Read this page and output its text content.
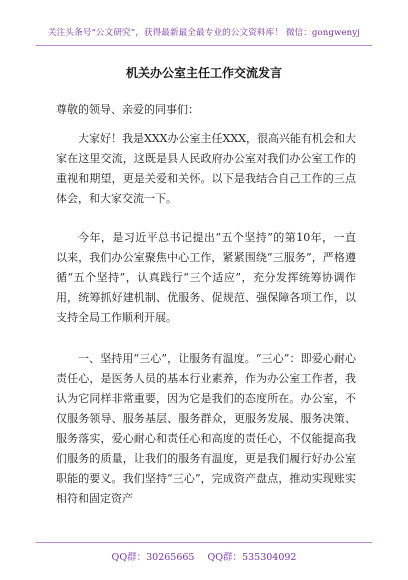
关注头条号“公文研究”，获得最新最全最专业的公文资料库！ 微信：gongwenyj
机关办公室主任工作交流发言
尊敬的领导、亲爱的同事们：

大家好！我是XXX办公室主任XXX，很高兴能有机会和大家在这里交流，这既是县人民政府办公室对我们办公室工作的重视和期望，更是关爱和关怀。以下是我结合自己工作的三点体会，和大家交流一下。

今年，是习近平总书记提出“五个坚持”的第10年，一直以来，我们办公室聚焦中心工作，紧紧围绕“三服务”，严格遵循“五个坚持”，认真践行“三个适应”，充分发挥统筹协调作用，统筹抓好建机制、优服务、促规范、强保障各项工作，以支持全局工作顺利开展。

一、坚持用“三心”，让服务有温度。“三心”：即爱心耐心责任心，是医务人员的基本行业素养，作为办公室工作者，我认为它同样非常重要，因为它是我们的态度所在。办公室，不仅服务领导、服务基层、服务群众，更服务发展、服务决策、服务落实，爱心耐心和责任心和高度的责任心，不仅能提高我们服务的质量，让我们的服务有温度，更是我们履行好办公室职能的要义。我们坚持“三心”，完成资产盘点，推动实现账实相符和固定资产

QQ群：30265665 QQ群：535304092
